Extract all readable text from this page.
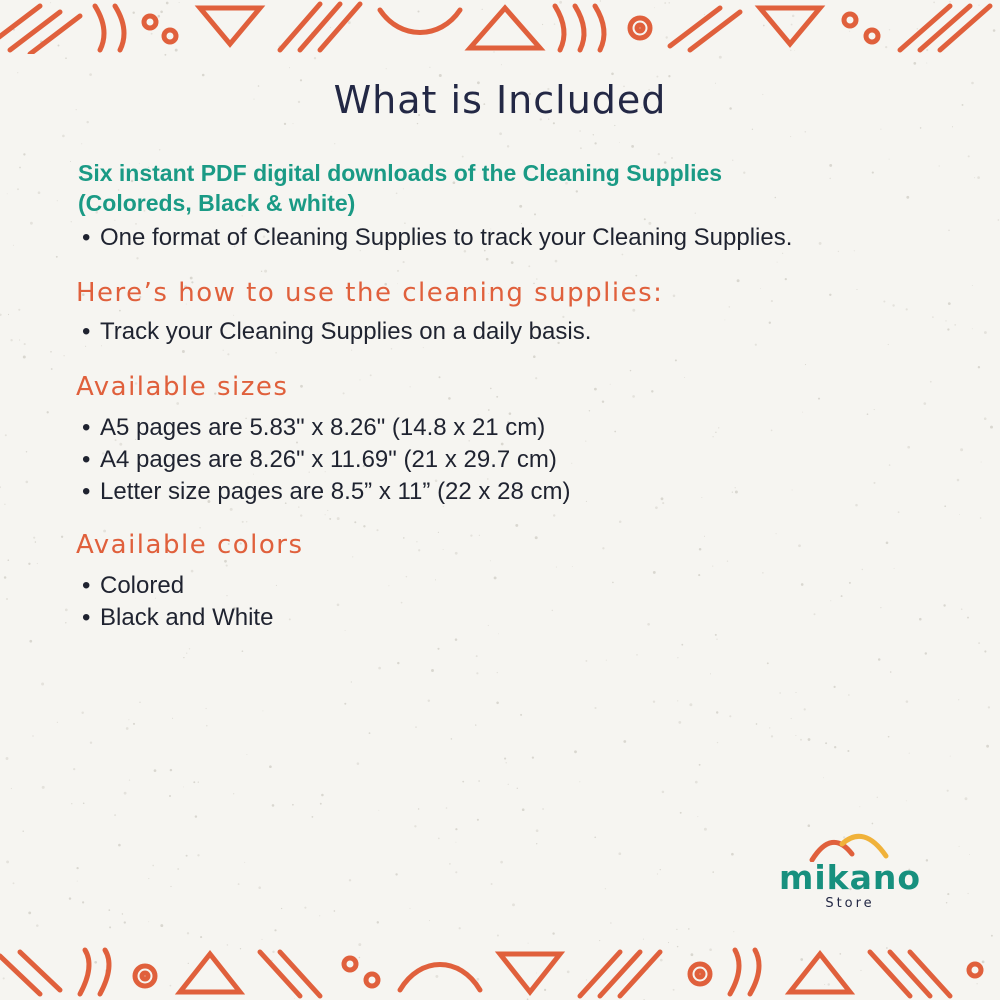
What is Included
Six instant PDF digital downloads of the Cleaning Supplies
(Coloreds, Black & white)
• One format of Cleaning Supplies to track your Cleaning Supplies.
Here’s how to use the cleaning supplies:
• Track your Cleaning Supplies on a daily basis.
Available sizes
• A5 pages are 5.83" x 8.26" (14.8 x 21 cm)
• A4 pages are 8.26" x 11.69" (21 x 29.7 cm)
• Letter size pages are 8.5” x 11” (22 x 28 cm)
Available colors
• Colored
• Black and White
mikano
Store
